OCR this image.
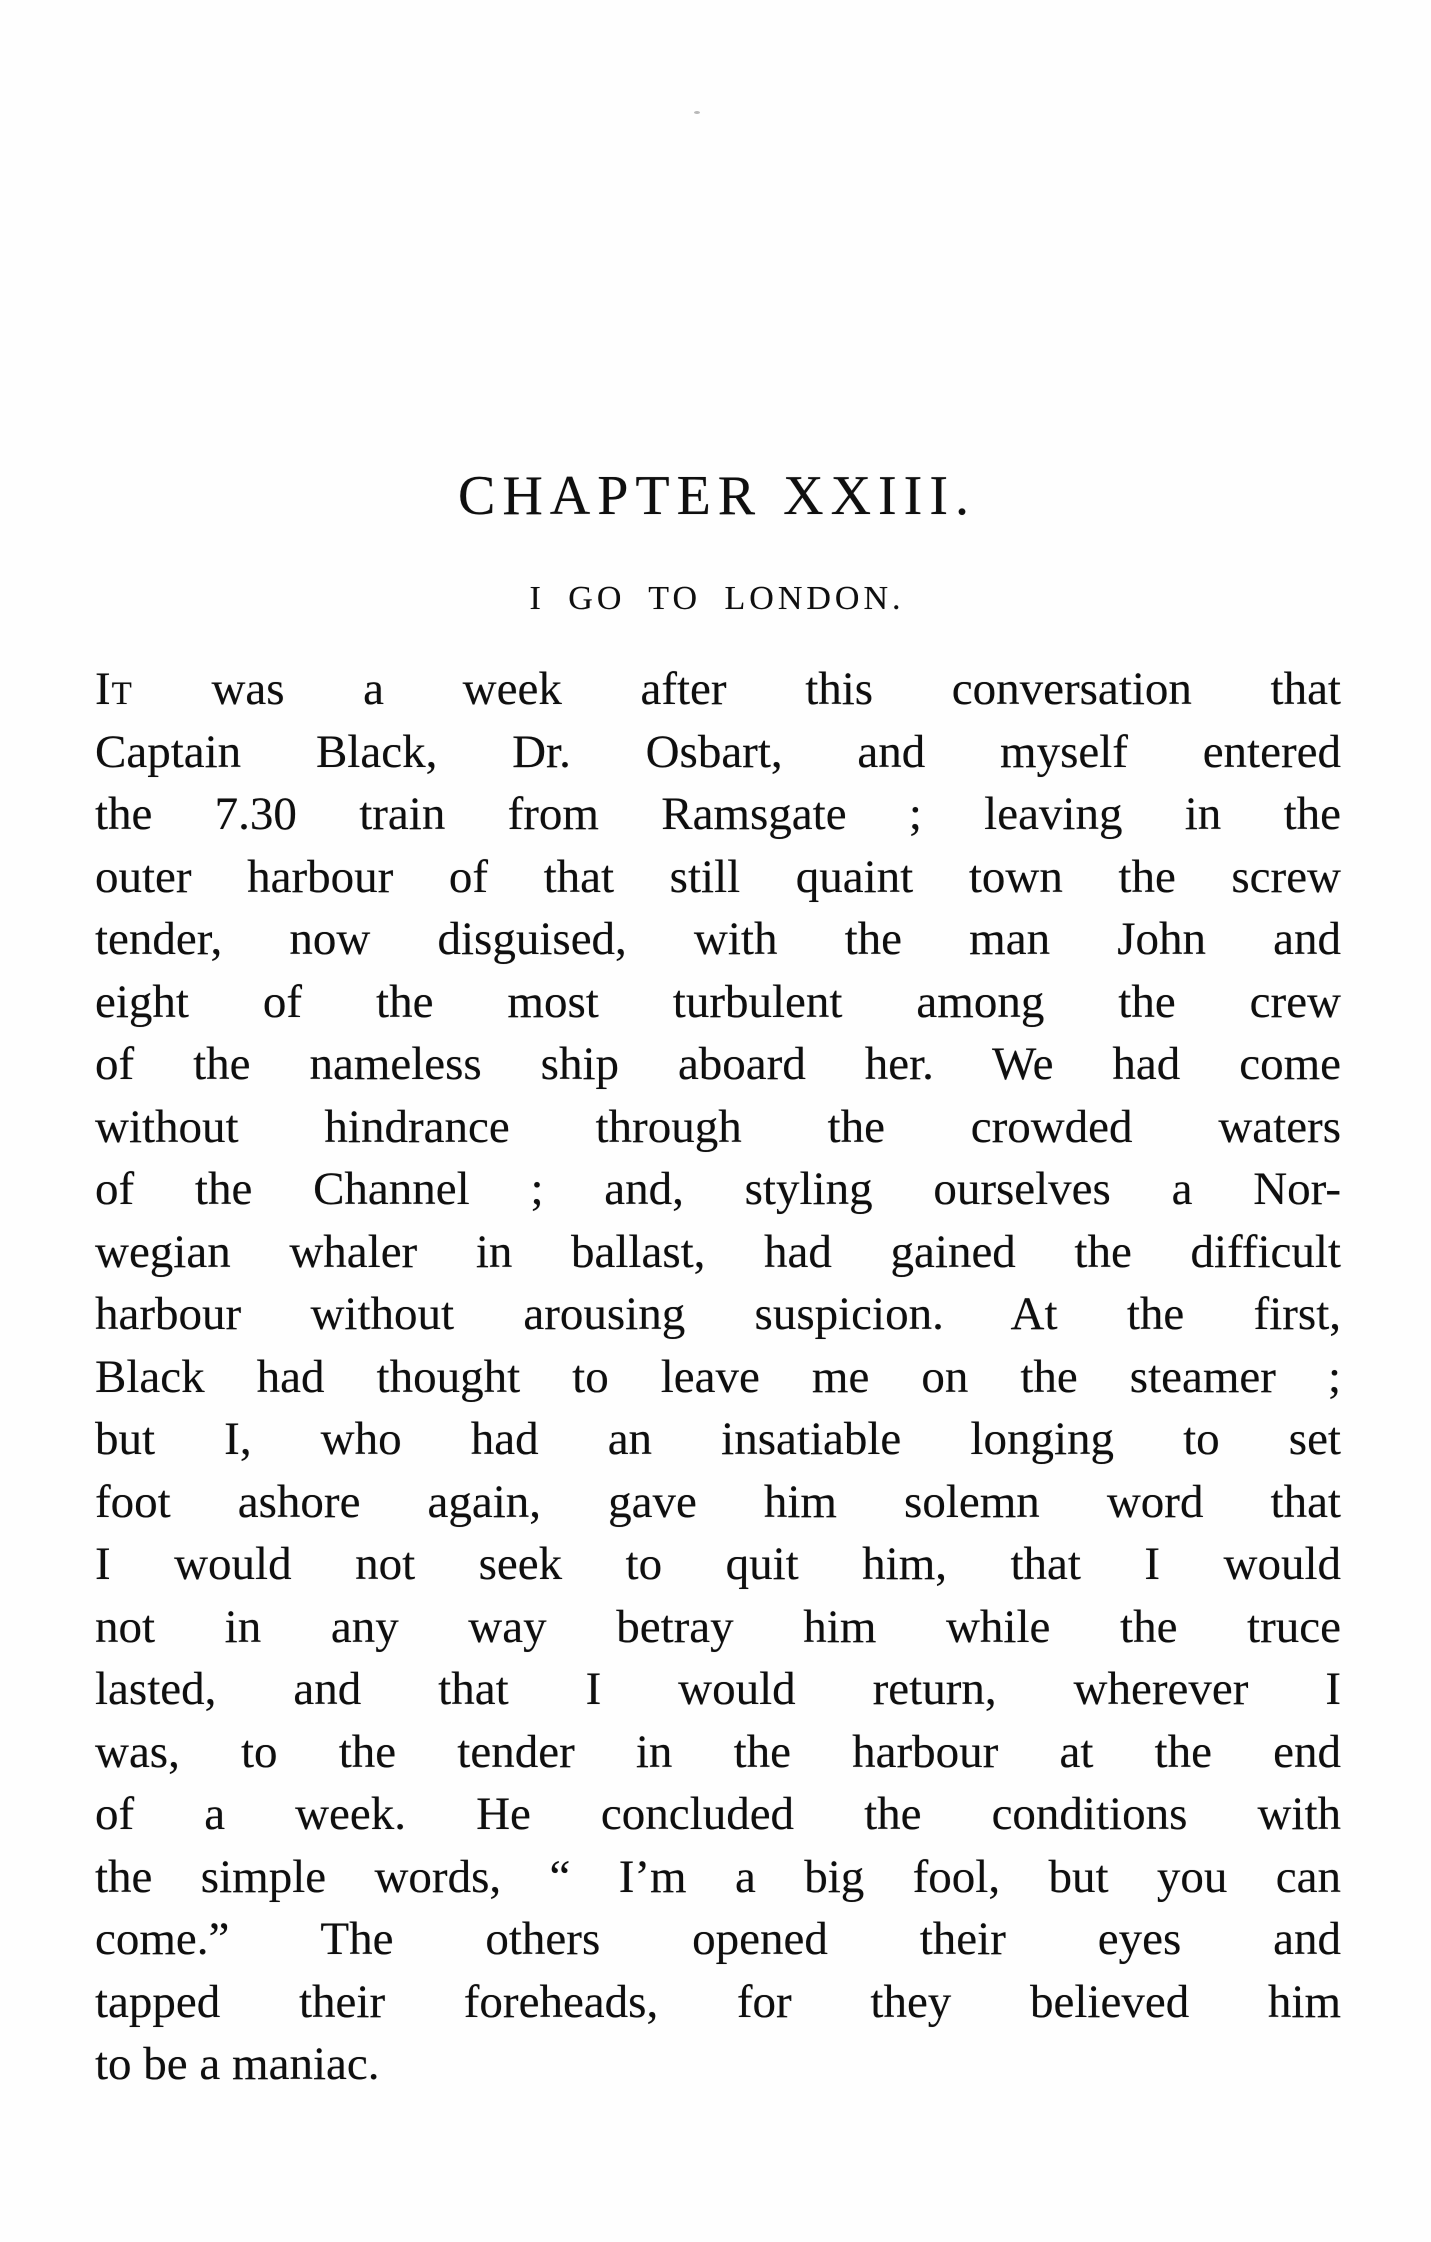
CHAPTER XXIII.
I GO TO LONDON.
It was a week after this conversation that
Captain Black, Dr. Osbart, and myself entered
the 7.30 train from Ramsgate ; leaving in the
outer harbour of that still quaint town the screw
tender, now disguised, with the man John and
eight of the most turbulent among the crew
of the nameless ship aboard her. We had come
without hindrance through the crowded waters
of the Channel ; and, styling ourselves a Nor-
wegian whaler in ballast, had gained the difficult
harbour without arousing suspicion. At the first,
Black had thought to leave me on the steamer ;
but I, who had an insatiable longing to set
foot ashore again, gave him solemn word that
I would not seek to quit him, that I would
not in any way betray him while the truce
lasted, and that I would return, wherever I
was, to the tender in the harbour at the end
of a week. He concluded the conditions with
the simple words, “ I’m a big fool, but you can
come.” The others opened their eyes and
tapped their foreheads, for they believed him
to be a maniac.
